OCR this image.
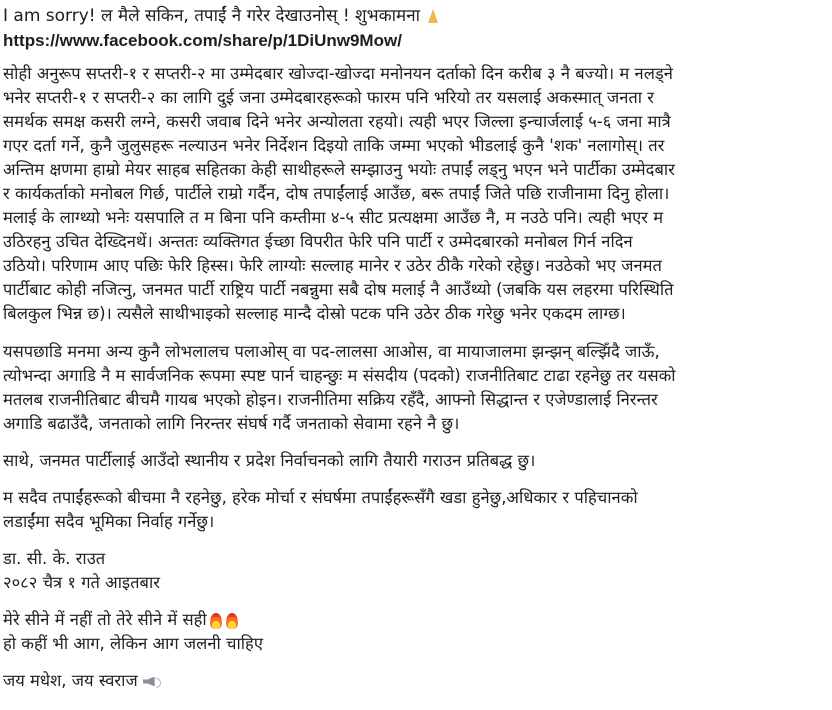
I am sorry! ल मैले सकिन, तपाईं नै गरेर देखाउनोस् ! शुभकामना
https://www.facebook.com/share/p/1DiUnw9Mow/
सोही अनुरूप सप्तरी-१ र सप्तरी-२ मा उम्मेदबार खोज्दा-खोज्दा मनोनयन दर्ताको दिन करीब ३ नै बज्यो। म नलड्ने
भनेर सप्तरी-१ र सप्तरी-२ का लागि दुई जना उम्मेदबारहरूको फारम पनि भरियो तर यसलाई अकस्मात् जनता र
समर्थक समक्ष कसरी लग्ने, कसरी जवाब दिने भनेर अन्योलता रहयो। त्यही भएर जिल्ला इन्चार्जलाई ५-६ जना मात्रै
गएर दर्ता गर्ने, कुनै जुलुसहरू नल्याउन भनेर निर्देशन दिइयो ताकि जम्मा भएको भीडलाई कुनै 'शक' नलागोस्। तर
अन्तिम क्षणमा हाम्रो मेयर साहब सहितका केही साथीहरूले सम्झाउनु भयोः तपाईं लड्नु भएन भने पार्टीका उम्मेदबार
र कार्यकर्ताको मनोबल गिर्छ, पार्टीले राम्रो गर्दैन, दोष तपाईंलाई आउँछ, बरू तपाईं जिते पछि राजीनामा दिनु होला।
मलाई के लाग्थ्यो भनेः यसपालि त म बिना पनि कम्तीमा ४-५ सीट प्रत्यक्षमा आउँछ नै, म नउठे पनि। त्यही भएर म
उठिरहनु उचित देख्दिनथें। अन्ततः व्यक्तिगत ईच्छा विपरीत फेरि पनि पार्टी र उम्मेदबारको मनोबल गिर्न नदिन
उठियो। परिणाम आए पछिः फेरि हिस्स। फेरि लाग्योः सल्लाह मानेर र उठेर ठीकै गरेको रहेछु। नउठेको भए जनमत
पार्टीबाट कोही नजित्नु, जनमत पार्टी राष्ट्रिय पार्टी नबन्नुमा सबै दोष मलाई नै आउँथ्यो (जबकि यस लहरमा परिस्थिति
बिलकुल भिन्न छ)। त्यसैले साथीभाइको सल्लाह मान्दै दोस्रो पटक पनि उठेर ठीक गरेछु भनेर एकदम लाग्छ।
यसपछाडि मनमा अन्य कुनै लोभलालच पलाओस् वा पद-लालसा आओस, वा मायाजालमा झन्झन् बल्झिँदै जाऊँ,
त्योभन्दा अगाडि नै म सार्वजनिक रूपमा स्पष्ट पार्न चाहन्छुः म संसदीय (पदको) राजनीतिबाट टाढा रहनेछु तर यसको
मतलब राजनीतिबाट बीचमै गायब भएको होइन। राजनीतिमा सक्रिय रहँदै, आफ्नो सिद्धान्त र एजेण्डालाई निरन्तर
अगाडि बढाउँदै, जनताको लागि निरन्तर संघर्ष गर्दै जनताको सेवामा रहने नै छु।
साथे, जनमत पार्टीलाई आउँदो स्थानीय र प्रदेश निर्वाचनको लागि तैयारी गराउन प्रतिबद्ध छु।
म सदैव तपाईंहरूको बीचमा नै रहनेछु, हरेक मोर्चा र संघर्षमा तपाईंहरूसँगै खडा हुनेछु,अधिकार र पहिचानको
लडाईंमा सदैव भूमिका निर्वाह गर्नेछु।
डा. सी. के. राउत
२०८२ चैत्र १ गते आइतबार
मेरे सीने में नहीं तो तेरे सीने में सही
हो कहीं भी आग, लेकिन आग जलनी चाहिए
जय मधेश, जय स्वराज
